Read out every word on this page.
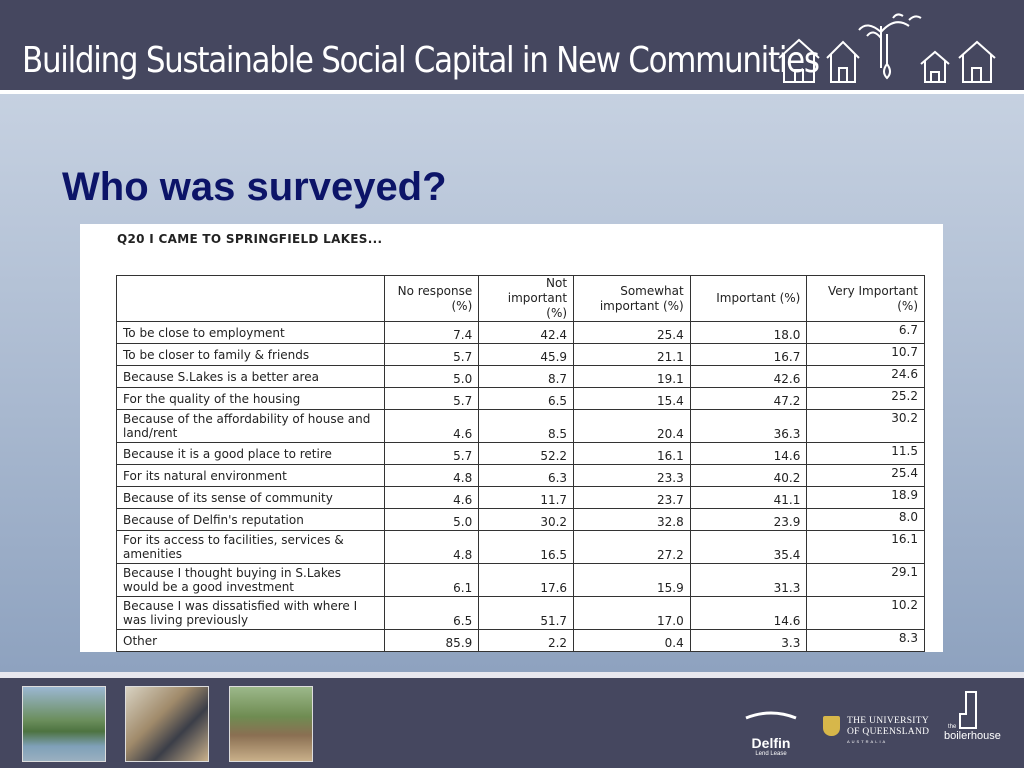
Building Sustainable Social Capital in New Communities
Who was surveyed?
Q20 I CAME TO SPRINGFIELD LAKES...
	No response (%)	Not important (%)	Somewhat important (%)	Important (%)	Very Important (%)
To be close to employment	7.4	42.4	25.4	18.0	6.7
To be closer to family & friends	5.7	45.9	21.1	16.7	10.7
Because S.Lakes is a better area	5.0	8.7	19.1	42.6	24.6
For the quality of the housing	5.7	6.5	15.4	47.2	25.2
Because of the affordability of house and land/rent	4.6	8.5	20.4	36.3	30.2
Because it is a good place to retire	5.7	52.2	16.1	14.6	11.5
For its natural environment	4.8	6.3	23.3	40.2	25.4
Because of its sense of community	4.6	11.7	23.7	41.1	18.9
Because of Delfin's reputation	5.0	30.2	32.8	23.9	8.0
For its access to facilities, services & amenities	4.8	16.5	27.2	35.4	16.1
Because I thought buying in S.Lakes would be a good investment	6.1	17.6	15.9	31.3	29.1
Because I was dissatisfied with where I was living previously	6.5	51.7	17.0	14.6	10.2
Other	85.9	2.2	0.4	3.3	8.3
Delfin
Lend Lease
THE UNIVERSITY
OF QUEENSLAND
AUSTRALIA
the
boilerhouse
